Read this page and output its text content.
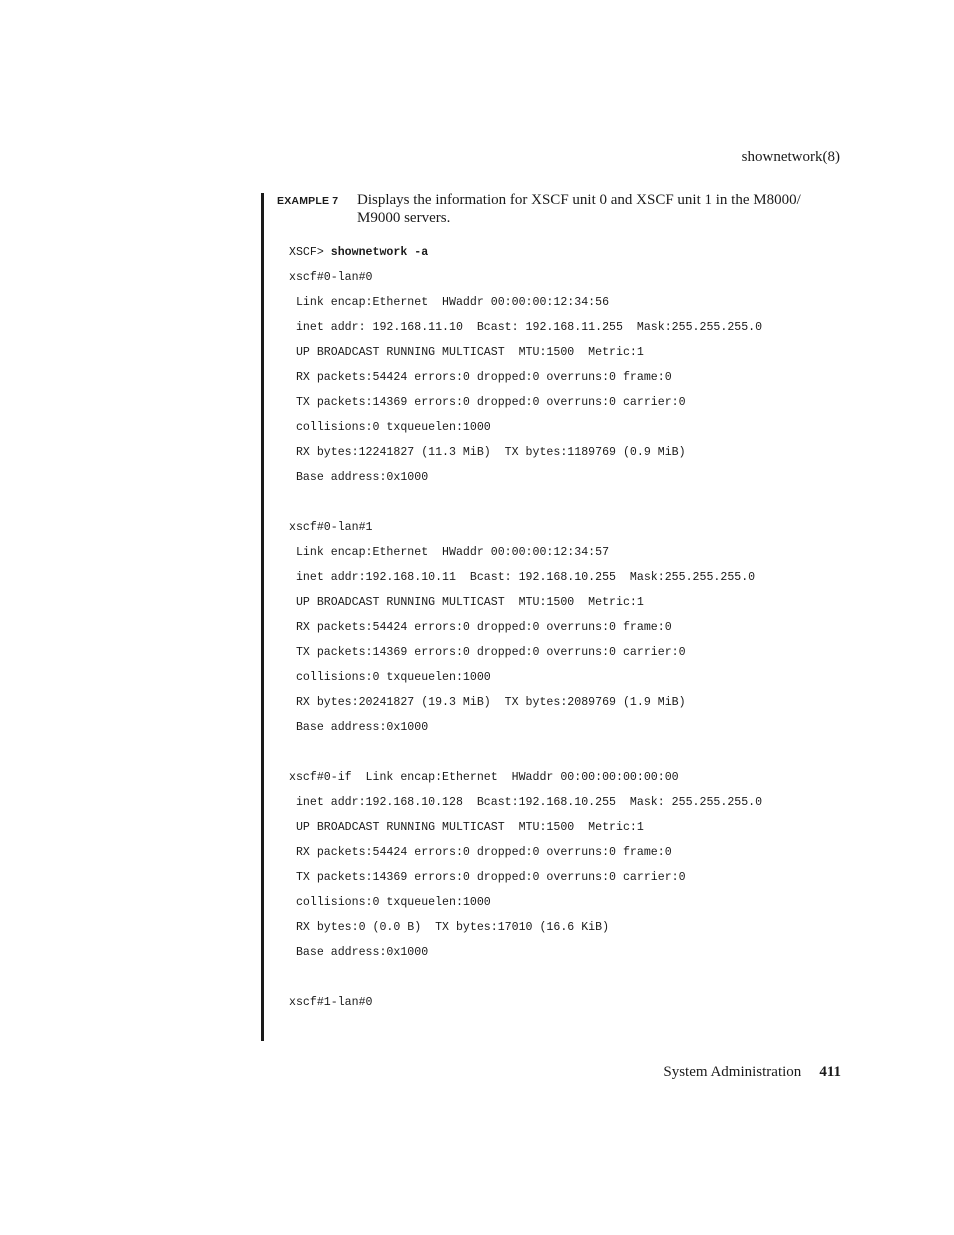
shownetwork(8)
EXAMPLE 7 Displays the information for XSCF unit 0 and XSCF unit 1 in the M8000/ M9000 servers.
XSCF> shownetwork -a
xscf#0-lan#0
Link encap:Ethernet  HWaddr 00:00:00:12:34:56
inet addr: 192.168.11.10  Bcast: 192.168.11.255  Mask:255.255.255.0
UP BROADCAST RUNNING MULTICAST  MTU:1500  Metric:1
RX packets:54424 errors:0 dropped:0 overruns:0 frame:0
TX packets:14369 errors:0 dropped:0 overruns:0 carrier:0
collisions:0 txqueuelen:1000
RX bytes:12241827 (11.3 MiB)  TX bytes:1189769 (0.9 MiB)
Base address:0x1000
xscf#0-lan#1
Link encap:Ethernet  HWaddr 00:00:00:12:34:57
inet addr:192.168.10.11  Bcast: 192.168.10.255  Mask:255.255.255.0
UP BROADCAST RUNNING MULTICAST  MTU:1500  Metric:1
RX packets:54424 errors:0 dropped:0 overruns:0 frame:0
TX packets:14369 errors:0 dropped:0 overruns:0 carrier:0
collisions:0 txqueuelen:1000
RX bytes:20241827 (19.3 MiB)  TX bytes:2089769 (1.9 MiB)
Base address:0x1000
xscf#0-if  Link encap:Ethernet  HWaddr 00:00:00:00:00:00
inet addr:192.168.10.128  Bcast:192.168.10.255  Mask: 255.255.255.0
UP BROADCAST RUNNING MULTICAST  MTU:1500  Metric:1
RX packets:54424 errors:0 dropped:0 overruns:0 frame:0
TX packets:14369 errors:0 dropped:0 overruns:0 carrier:0
collisions:0 txqueuelen:1000
RX bytes:0 (0.0 B)  TX bytes:17010 (16.6 KiB)
Base address:0x1000
xscf#1-lan#0
System Administration 411
